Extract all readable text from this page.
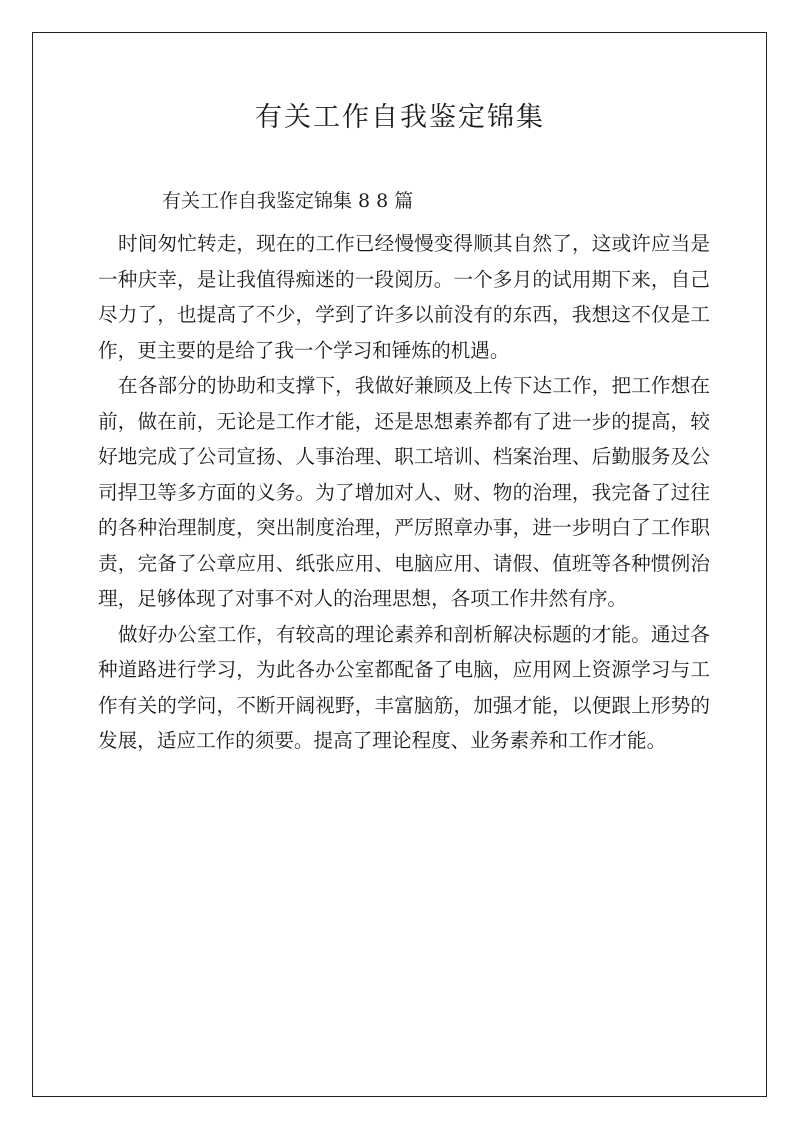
有关工作自我鉴定锦集

有关工作自我鉴定锦集 8 8 篇

时间匆忙转走，现在的工作已经慢慢变得顺其自然了，这或许应当是一种庆幸，是让我值得痴迷的一段阅历。一个多月的试用期下来，自己尽力了，也提高了不少，学到了许多以前没有的东西，我想这不仅是工作，更主要的是给了我一个学习和锤炼的机遇。

在各部分的协助和支撑下，我做好兼顾及上传下达工作，把工作想在前，做在前，无论是工作才能，还是思想素养都有了进一步的提高，较好地完成了公司宣扬、人事治理、职工培训、档案治理、后勤服务及公司捍卫等多方面的义务。为了增加对人、财、物的治理，我完备了过往的各种治理制度，突出制度治理，严厉照章办事，进一步明白了工作职责，完备了公章应用、纸张应用、电脑应用、请假、值班等各种惯例治理，足够体现了对事不对人的治理思想，各项工作井然有序。

做好办公室工作，有较高的理论素养和剖析解决标题的才能。通过各种道路进行学习，为此各办公室都配备了电脑，应用网上资源学习与工作有关的学问，不断开阔视野，丰富脑筋，加强才能，以便跟上形势的发展，适应工作的须要。提高了理论程度、业务素养和工作才能。
